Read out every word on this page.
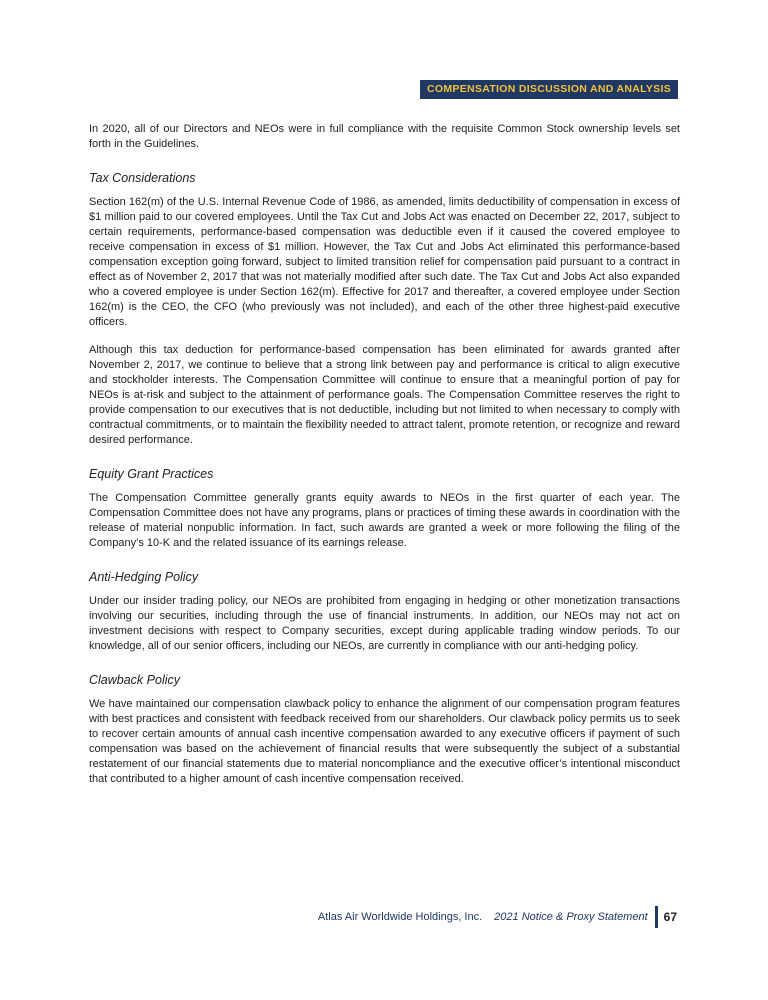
COMPENSATION DISCUSSION AND ANALYSIS

In 2020, all of our Directors and NEOs were in full compliance with the requisite Common Stock ownership levels set forth in the Guidelines.

Tax Considerations

Section 162(m) of the U.S. Internal Revenue Code of 1986, as amended, limits deductibility of compensation in excess of $1 million paid to our covered employees. Until the Tax Cut and Jobs Act was enacted on December 22, 2017, subject to certain requirements, performance-based compensation was deductible even if it caused the covered employee to receive compensation in excess of $1 million. However, the Tax Cut and Jobs Act eliminated this performance-based compensation exception going forward, subject to limited transition relief for compensation paid pursuant to a contract in effect as of November 2, 2017 that was not materially modified after such date. The Tax Cut and Jobs Act also expanded who a covered employee is under Section 162(m). Effective for 2017 and thereafter, a covered employee under Section 162(m) is the CEO, the CFO (who previously was not included), and each of the other three highest-paid executive officers.

Although this tax deduction for performance-based compensation has been eliminated for awards granted after November 2, 2017, we continue to believe that a strong link between pay and performance is critical to align executive and stockholder interests. The Compensation Committee will continue to ensure that a meaningful portion of pay for NEOs is at-risk and subject to the attainment of performance goals. The Compensation Committee reserves the right to provide compensation to our executives that is not deductible, including but not limited to when necessary to comply with contractual commitments, or to maintain the flexibility needed to attract talent, promote retention, or recognize and reward desired performance.

Equity Grant Practices

The Compensation Committee generally grants equity awards to NEOs in the first quarter of each year. The Compensation Committee does not have any programs, plans or practices of timing these awards in coordination with the release of material nonpublic information. In fact, such awards are granted a week or more following the filing of the Company’s 10-K and the related issuance of its earnings release.

Anti-Hedging Policy

Under our insider trading policy, our NEOs are prohibited from engaging in hedging or other monetization transactions involving our securities, including through the use of financial instruments. In addition, our NEOs may not act on investment decisions with respect to Company securities, except during applicable trading window periods. To our knowledge, all of our senior officers, including our NEOs, are currently in compliance with our anti-hedging policy.

Clawback Policy

We have maintained our compensation clawback policy to enhance the alignment of our compensation program features with best practices and consistent with feedback received from our shareholders. Our clawback policy permits us to seek to recover certain amounts of annual cash incentive compensation awarded to any executive officers if payment of such compensation was based on the achievement of financial results that were subsequently the subject of a substantial restatement of our financial statements due to material noncompliance and the executive officer’s intentional misconduct that contributed to a higher amount of cash incentive compensation received.

Atlas Air Worldwide Holdings, Inc. 2021 Notice & Proxy Statement 67
